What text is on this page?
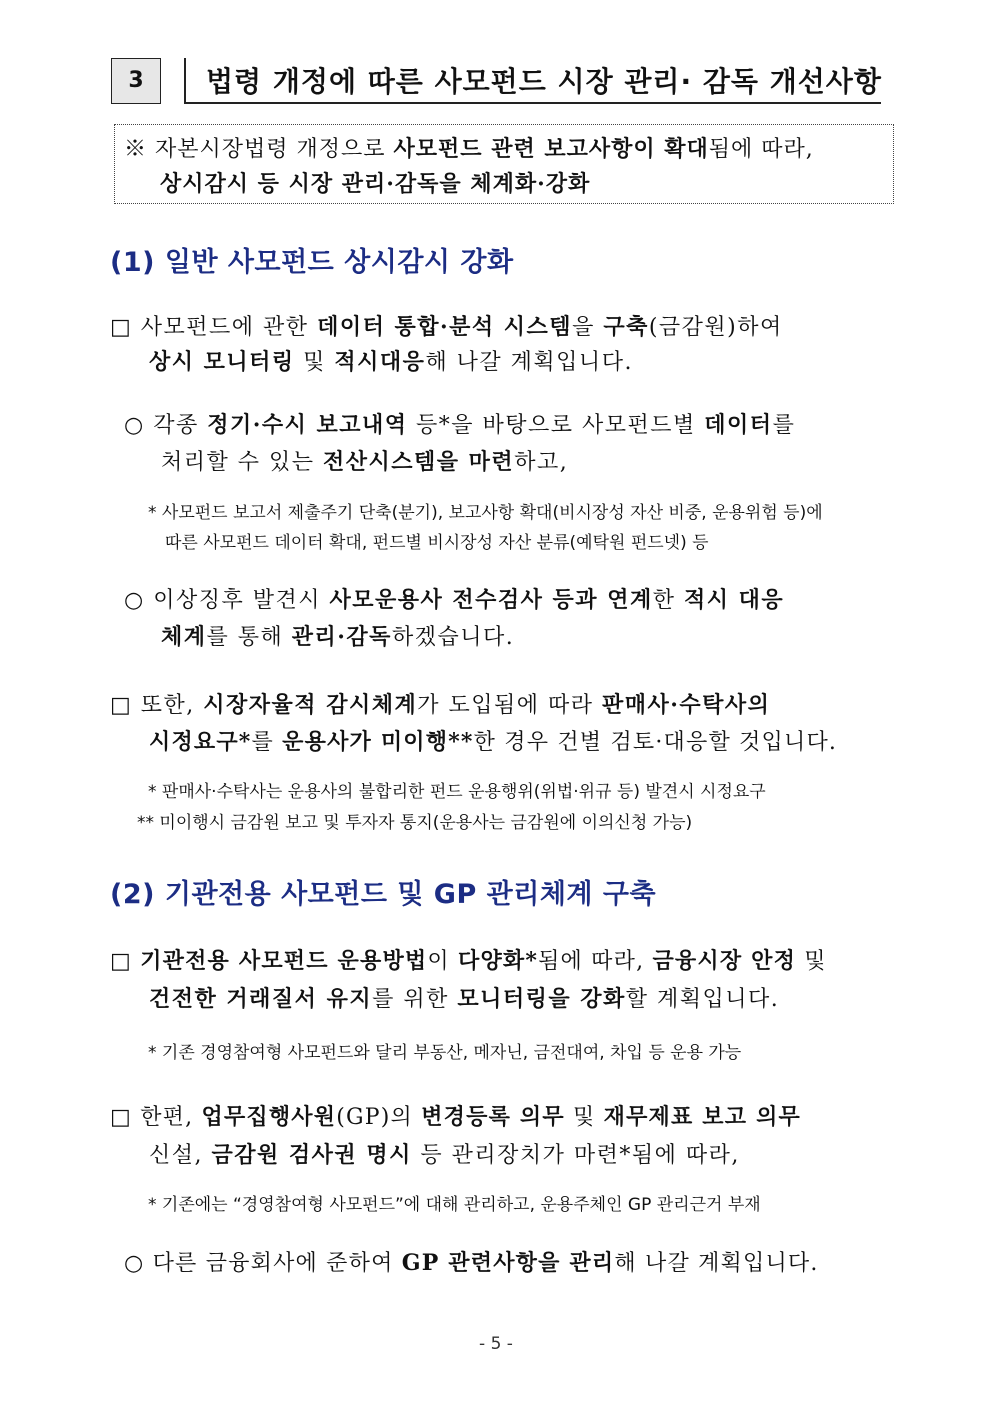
3	법령 개정에 따른 사모펀드 시장 관리· 감독 개선사항
※ 자본시장법령 개정으로 사모펀드 관련 보고사항이 확대됨에 따라,
상시감시 등 시장 관리·감독을 체계화·강화
(1) 일반 사모펀드 상시감시 강화
□ 사모펀드에 관한 데이터 통합·분석 시스템을 구축(금감원)하여
상시 모니터링 및 적시대응해 나갈 계획입니다.
○ 각종 정기·수시 보고내역 등*을 바탕으로 사모펀드별 데이터를
처리할 수 있는 전산시스템을 마련하고,
* 사모펀드 보고서 제출주기 단축(분기), 보고사항 확대(비시장성 자산 비중, 운용위험 등)에
따른 사모펀드 데이터 확대, 펀드별 비시장성 자산 분류(예탁원 펀드넷) 등
○ 이상징후 발견시 사모운용사 전수검사 등과 연계한 적시 대응
체계를 통해 관리·감독하겠습니다.
□ 또한, 시장자율적 감시체계가 도입됨에 따라 판매사·수탁사의
시정요구*를 운용사가 미이행**한 경우 건별 검토·대응할 것입니다.
* 판매사·수탁사는 운용사의 불합리한 펀드 운용행위(위법·위규 등) 발견시 시정요구
** 미이행시 금감원 보고 및 투자자 통지(운용사는 금감원에 이의신청 가능)
(2) 기관전용 사모펀드 및 GP 관리체계 구축
□ 기관전용 사모펀드 운용방법이 다양화*됨에 따라, 금융시장 안정 및
건전한 거래질서 유지를 위한 모니터링을 강화할 계획입니다.
* 기존 경영참여형 사모펀드와 달리 부동산, 메자닌, 금전대여, 차입 등 운용 가능
□ 한편, 업무집행사원(GP)의 변경등록 의무 및 재무제표 보고 의무
신설, 금감원 검사권 명시 등 관리장치가 마련*됨에 따라,
* 기존에는 “경영참여형 사모펀드”에 대해 관리하고, 운용주체인 GP 관리근거 부재
○ 다른 금융회사에 준하여 GP 관련사항을 관리해 나갈 계획입니다.
- 5 -
